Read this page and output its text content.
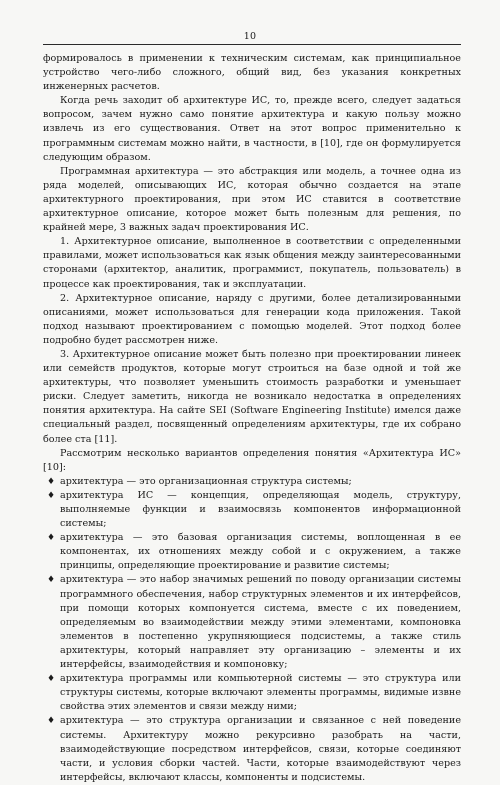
10

формировалось в применении к техническим системам, как принципиальное устройство чего-либо сложного, общий вид, без указания конкретных инженерных расчетов.

Когда речь заходит об архитектуре ИС, то, прежде всего, следует задаться вопросом, зачем нужно само понятие архитектура и какую пользу можно извлечь из его существования. Ответ на этот вопрос применительно к программным системам можно найти, в частности, в [10], где он формулируется следующим образом.

Программная архитектура — это абстракция или модель, а точнее одна из ряда моделей, описывающих ИС, которая обычно создается на этапе архитектурного проектирования, при этом ИС ставится в соответствие архитектурное описание, которое может быть полезным для решения, по крайней мере, 3 важных задач проектирования ИС.

1. Архитектурное описание, выполненное в соответствии с определенными правилами, может использоваться как язык общения между заинтересованными сторонами (архитектор, аналитик, программист, покупатель, пользователь) в процессе как проектирования, так и эксплуатации.

2. Архитектурное описание, наряду с другими, более детализированными описаниями, может использоваться для генерации кода приложения. Такой подход называют проектированием с помощью моделей. Этот подход более подробно будет рассмотрен ниже.

3. Архитектурное описание может быть полезно при проектировании линеек или семейств продуктов, которые могут строиться на базе одной и той же архитектуры, что позволяет уменьшить стоимость разработки и уменьшает риски. Следует заметить, никогда не возникало недостатка в определениях понятия архитектура. На сайте SEI (Software Engineering Institute) имелся даже специальный раздел, посвященный определениям архитектуры, где их собрано более ста [11].

Рассмотрим несколько вариантов определения понятия «Архитектура ИС» [10]:

♦ архитектура — это организационная структура системы;
♦ архитектура ИС — концепция, определяющая модель, структуру, выполняемые функции и взаимосвязь компонентов информационной системы;
♦ архитектура — это базовая организация системы, воплощенная в ее компонентах, их отношениях между собой и с окружением, а также принципы, определяющие проектирование и развитие системы;
♦ архитектура — это набор значимых решений по поводу организации системы программного обеспечения, набор структурных элементов и их интерфейсов, при помощи которых компонуется система, вместе с их поведением, определяемым во взаимодействии между этими элементами, компоновка элементов в постепенно укрупняющиеся подсистемы, а также стиль архитектуры, который направляет эту организацию – элементы и их интерфейсы, взаимодействия и компоновку;
♦ архитектура программы или компьютерной системы — это структура или структуры системы, которые включают элементы программы, видимые извне свойства этих элементов и связи между ними;
♦ архитектура — это структура организации и связанное с ней поведение системы. Архитектуру можно рекурсивно разобрать на части, взаимодействующие посредством интерфейсов, связи, которые соединяют части, и условия сборки частей. Части, которые взаимодействуют через интерфейсы, включают классы, компоненты и подсистемы.
